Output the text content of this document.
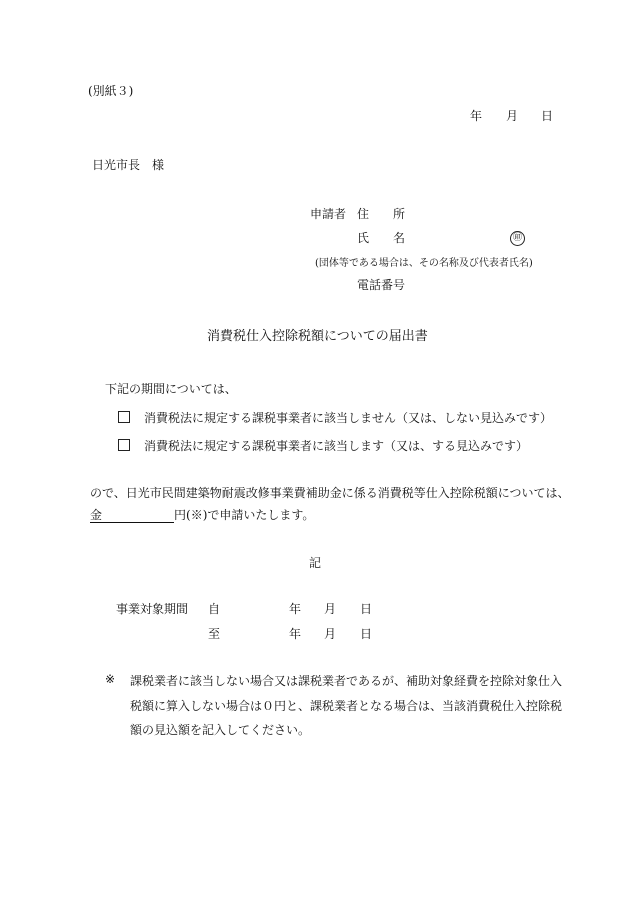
(別紙３)
年 月 日
日光市長　様
申請者 住　　所
氏　　名	㊞
(団体等である場合は、その名称及び代表者氏名)
電話番号
消費税仕入控除税額についての届出書
下記の期間については、
消費税法に規定する課税事業者に該当しません（又は、しない見込みです）
消費税法に規定する課税事業者に該当します（又は、する見込みです）
ので、日光市民間建築物耐震改修事業費補助金に係る消費税等仕入控除税額については、
金	円(※)で申請いたします。
記
事業対象期間 自	年 月 日
至	年 月 日
※ 課税業者に該当しない場合又は課税業者であるが、補助対象経費を控除対象仕入
税額に算入しない場合は０円と、課税業者となる場合は、当該消費税仕入控除税
額の見込額を記入してください。
